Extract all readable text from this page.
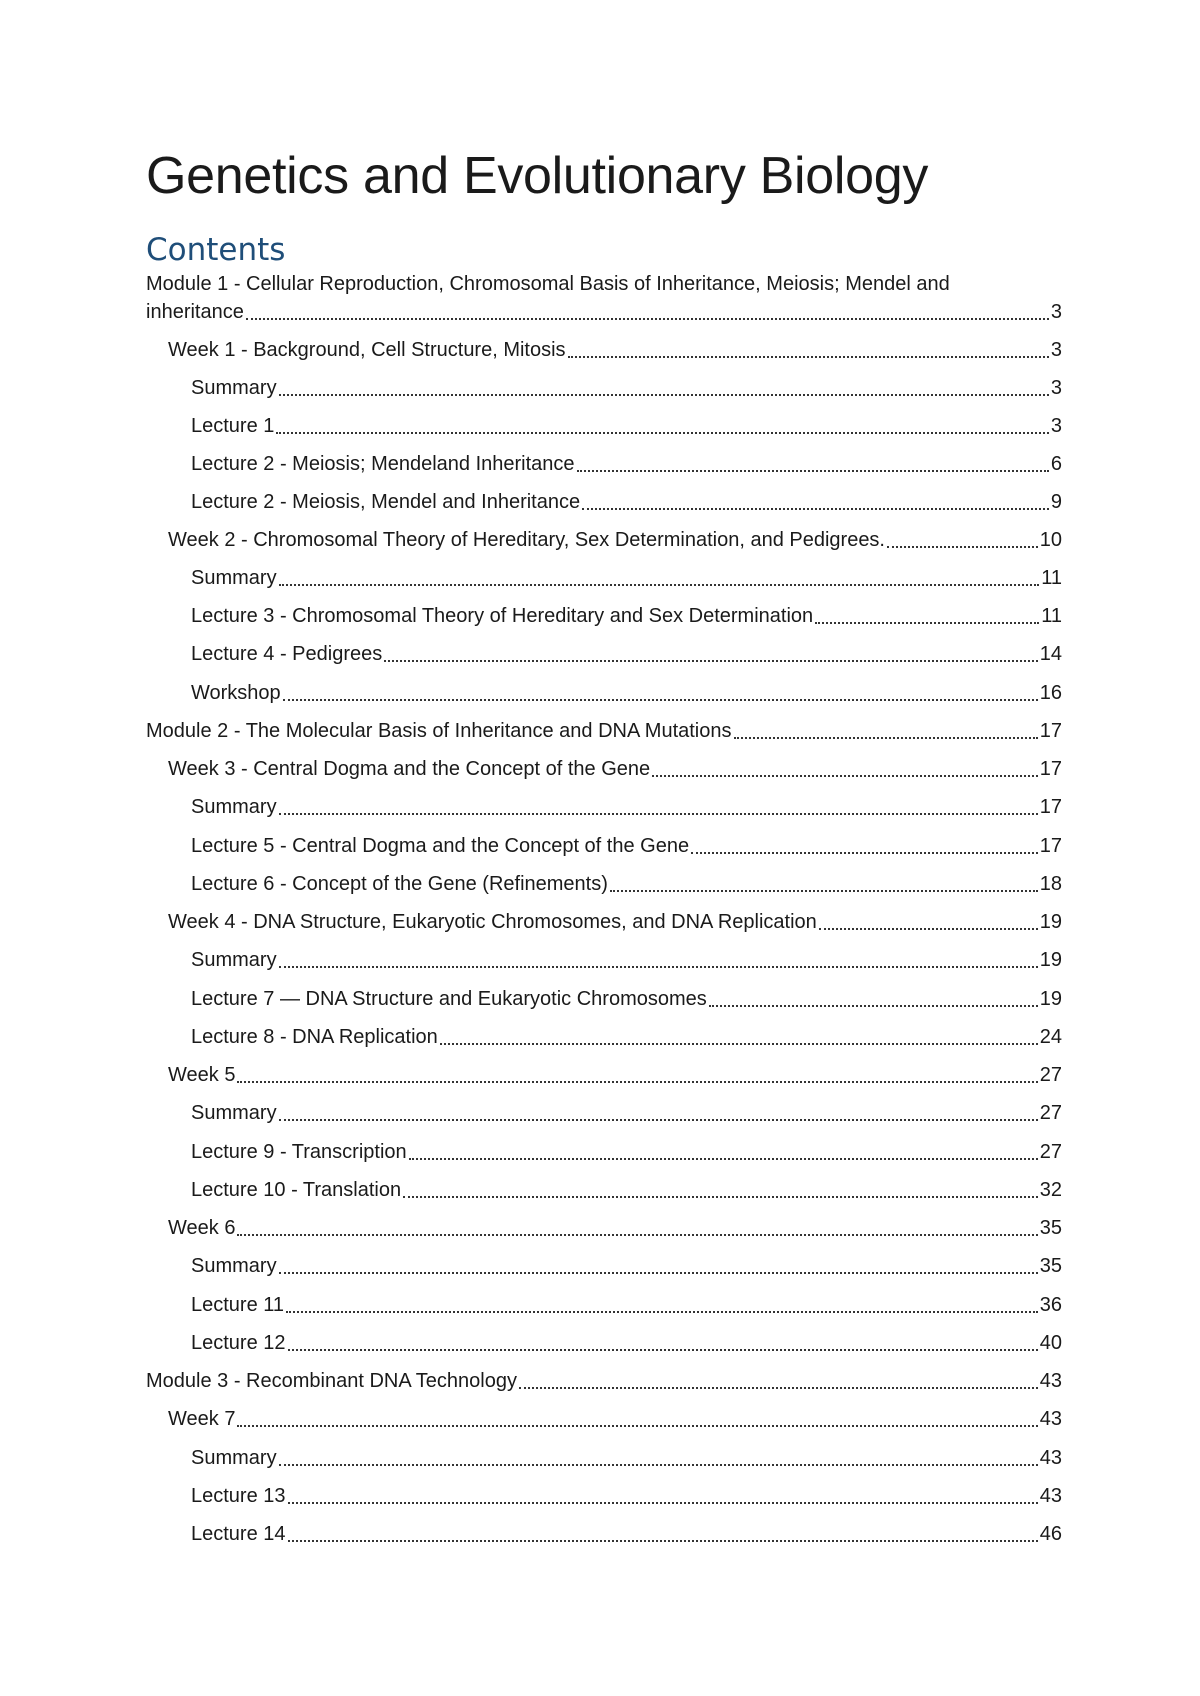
Genetics and Evolutionary Biology
Contents
Module 1 - Cellular Reproduction, Chromosomal Basis of Inheritance, Meiosis; Mendel and
inheritance	3
Week 1 - Background, Cell Structure, Mitosis	3
Summary	3
Lecture 1	3
Lecture 2 - Meiosis; Mendeland Inheritance	6
Lecture 2 - Meiosis, Mendel and Inheritance	9
Week 2 - Chromosomal Theory of Hereditary, Sex Determination, and Pedigrees.	10
Summary	11
Lecture 3 - Chromosomal Theory of Hereditary and Sex Determination	11
Lecture 4 - Pedigrees	14
Workshop	16
Module 2 - The Molecular Basis of Inheritance and DNA Mutations	17
Week 3 - Central Dogma and the Concept of the Gene	17
Summary	17
Lecture 5 - Central Dogma and the Concept of the Gene	17
Lecture 6 - Concept of the Gene (Refinements)	18
Week 4 - DNA Structure, Eukaryotic Chromosomes, and DNA Replication	19
Summary	19
Lecture 7 — DNA Structure and Eukaryotic Chromosomes	19
Lecture 8 - DNA Replication	24
Week 5	27
Summary	27
Lecture 9 - Transcription	27
Lecture 10 - Translation	32
Week 6	35
Summary	35
Lecture 11	36
Lecture 12	40
Module 3 - Recombinant DNA Technology	43
Week 7	43
Summary	43
Lecture 13	43
Lecture 14	46
